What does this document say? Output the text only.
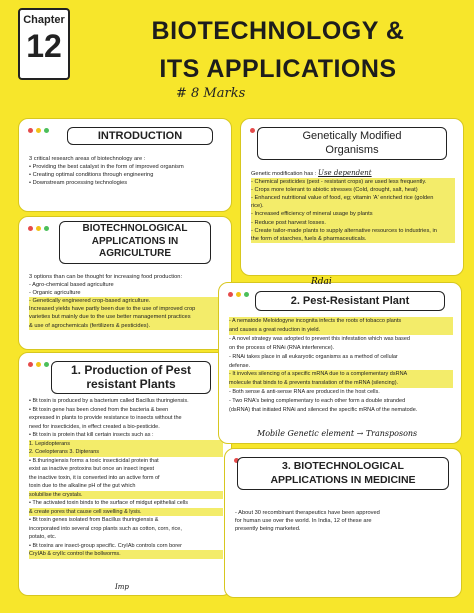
Chapter
12	BIOTECHNOLOGY &
ITS APPLICATIONS
# 8 Marks
INTRODUCTION

3 critical research areas of biotechnology are :

• Providing the best catalyst in the form of improved organism

• Creating optimal conditions through engineering

• Downstream processing technologies

BIOTECHNOLOGICAL
APPLICATIONS IN
AGRICULTURE

3 options than can be thought for increasing food production:

- Agro-chemical based agriculture

- Organic agriculture

- Genetically engineered crop-based agriculture.

Increased yields have partly been due to the use of improved crop

varieties but mainly due to the use better management practices

& use of agrochemicals (fertilizers & pesticides).

1. Production of Pest
resistant Plants

• Bt toxin is produced by a bacterium called Bacillus thuringiensis.

• Bt toxin gene has been cloned from the bacteria & been

expressed in plants to provide resistance to insects without the

need for insecticides, in effect created a bio-pesticide.

• Bt toxin is protein that kill certain insects such as :

1. Lepidopterans

2. Coelopterans 3. Dipterans

• B.thuringiensis forms a toxic insecticidal protein that

exist as inactive protoxins but once an insect ingest

the inactive toxin, it is converted into an active form of

toxin due to the alkaline pH of the gut which

solubilise the crystals.

• The activated toxin binds to the surface of midgut epithelial cells

& create pores that cause cell swelling & lysis.

• Bt toxin genes isolated from Bacillus thuringiensis &

incorporated into several crop plants such as cotton, corn, rice,

potato, etc.

• Bt toxins are insect-group specific. CryIAb controls corn borer

CryIAb & cryIIc control the bollworms.

Imp
Genetically Modified
Organisms

Genetic modification has : Use dependent

- Chemical pesticides (pest - resistant crops) are used less frequently.

- Crops more tolerant to abiotic stresses (Cold, drought, salt, heat)

- Enhanced nutritional value of food, eg; vitamin 'A' enriched rice (golden

rice).

- Increased efficiency of mineral usage by plants

- Reduce post harvest losses.

- Create tailor-made plants to supply alternative resources to industries, in

the form of starches, fuels & pharmaceuticals.

Rdai
2. Pest-Resistant Plant

- A nematode Meloidogyne incognita infects the roots of tobacco plants

and causes a great reduction in yield.

- A novel strategy was adopted to prevent this infestation which was based

on the process of RNAi (RNA interference).

- RNAi takes place in all eukaryotic organisms as a method of cellular

defense.

- It involves silencing of a specific mRNA due to a complementary dsRNA

molecule that binds to & prevents translation of the mRNA (silencing).

- Both sense & anti-sense RNA are produced in the host cells.

- Two RNA's being complementary to each other form a double stranded

(dsRNA) that initiated RNAi and silenced the specific mRNA of the nematode.

Mobile Genetic element → Transposons
3. BIOTECHNOLOGICAL
APPLICATIONS IN MEDICINE

- About 30 recombinant therapeutics have been approved

for human use over the world. In India, 12 of these are

presently being marketed.
